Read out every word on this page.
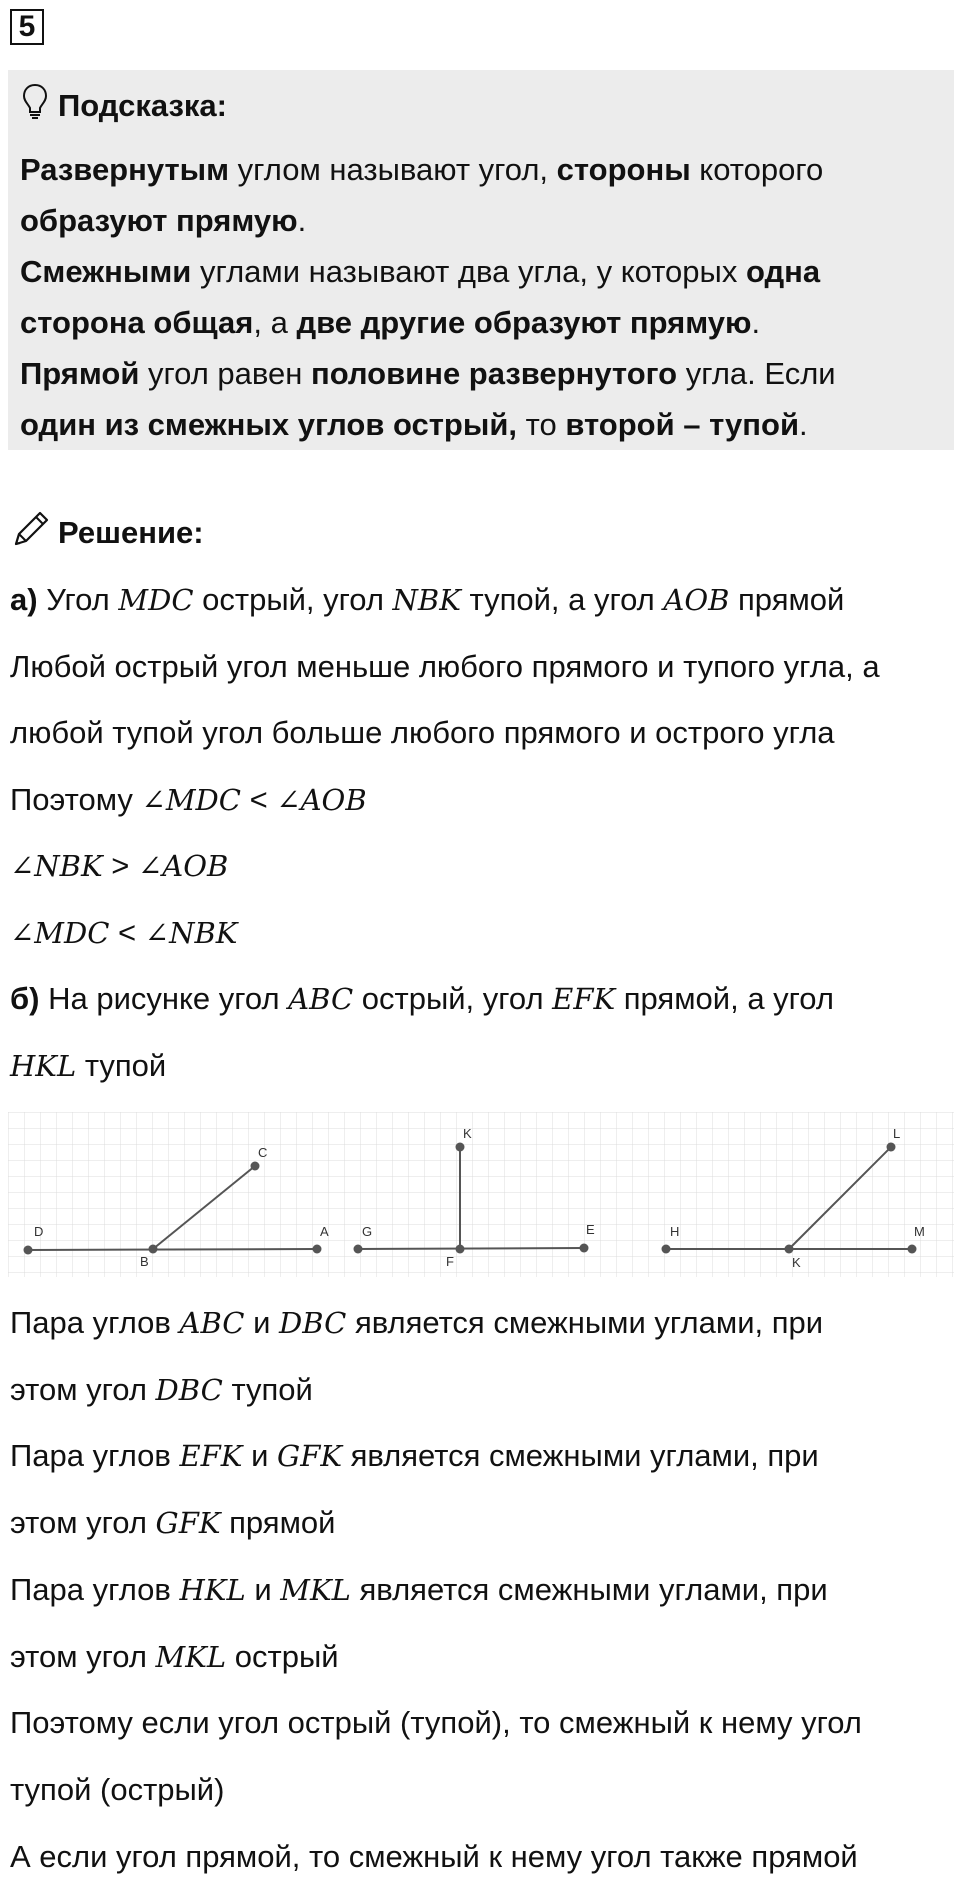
5
Подсказка:
Развернутым углом называют угол, стороны которого
образуют прямую.
Смежными углами называют два угла, у которых одна
сторона общая, а две другие образуют прямую.
Прямой угол равен половине развернутого угла. Если
один из смежных углов острый, то второй – тупой.
Решение:
а) Угол MDC острый, угол NBK тупой, а угол AOB прямой
Любой острый угол меньше любого прямого и тупого угла, а
любой тупой угол больше любого прямого и острого угла
Поэтому ∠MDC < ∠AOB
∠NBK > ∠AOB
∠MDC < ∠NBK
б) На рисунке угол ABC острый, угол EFK прямой, а угол
HKL тупой
D
B
A
C
G
F
E
K
H
K
M
L
Пара углов ABC и DBC является смежными углами, при
этом угол DBC тупой
Пара углов EFK и GFK является смежными углами, при
этом угол GFK прямой
Пара углов HKL и MKL является смежными углами, при
этом угол MKL острый
Поэтому если угол острый (тупой), то смежный к нему угол
тупой (острый)
А если угол прямой, то смежный к нему угол также прямой
